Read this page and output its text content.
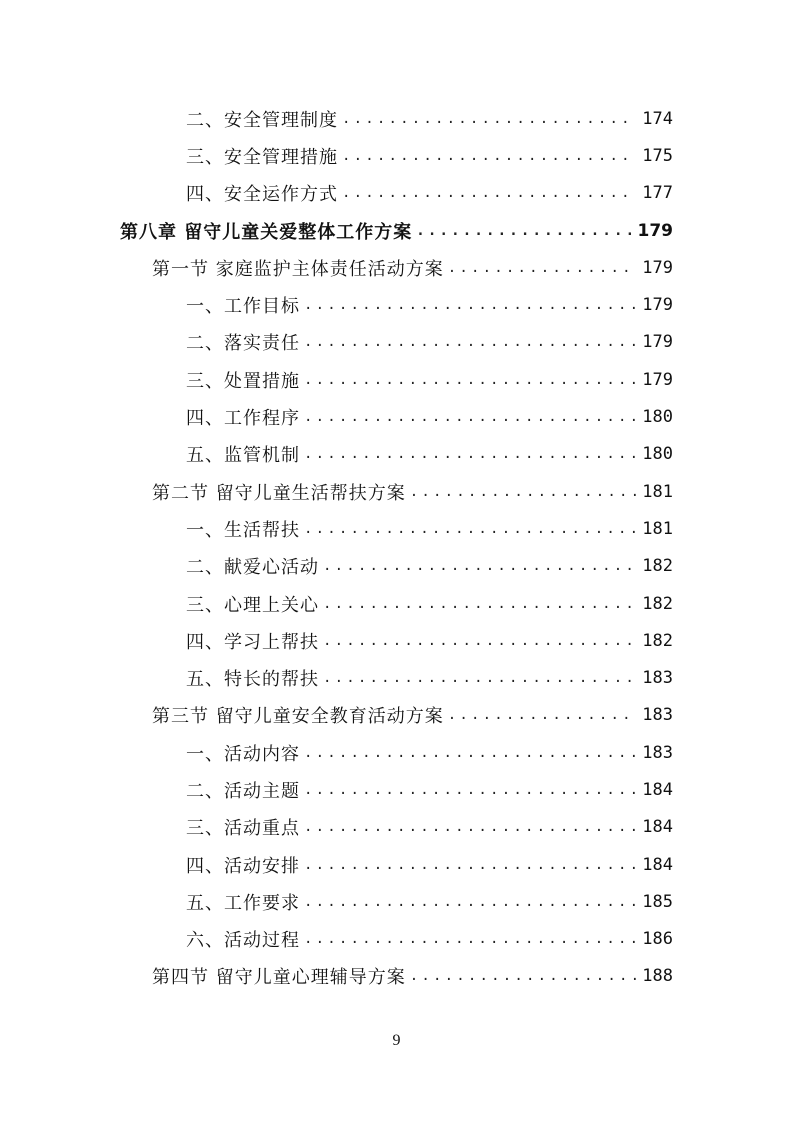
二、安全管理制度 .....	174
三、安全管理措施 .....	175
四、安全运作方式 .....	177
第八章 留守儿童关爱整体工作方案 .....	179
第一节 家庭监护主体责任活动方案 .....	179
一、工作目标 .....	179
二、落实责任 .....	179
三、处置措施 .....	179
四、工作程序 .....	180
五、监管机制 .....	180
第二节 留守儿童生活帮扶方案 .....	181
一、生活帮扶 .....	181
二、献爱心活动 .....	182
三、心理上关心 .....	182
四、学习上帮扶 .....	182
五、特长的帮扶 .....	183
第三节 留守儿童安全教育活动方案 .....	183
一、活动内容 .....	183
二、活动主题 .....	184
三、活动重点 .....	184
四、活动安排 .....	184
五、工作要求 .....	185
六、活动过程 .....	186
第四节 留守儿童心理辅导方案 .....	188
9
